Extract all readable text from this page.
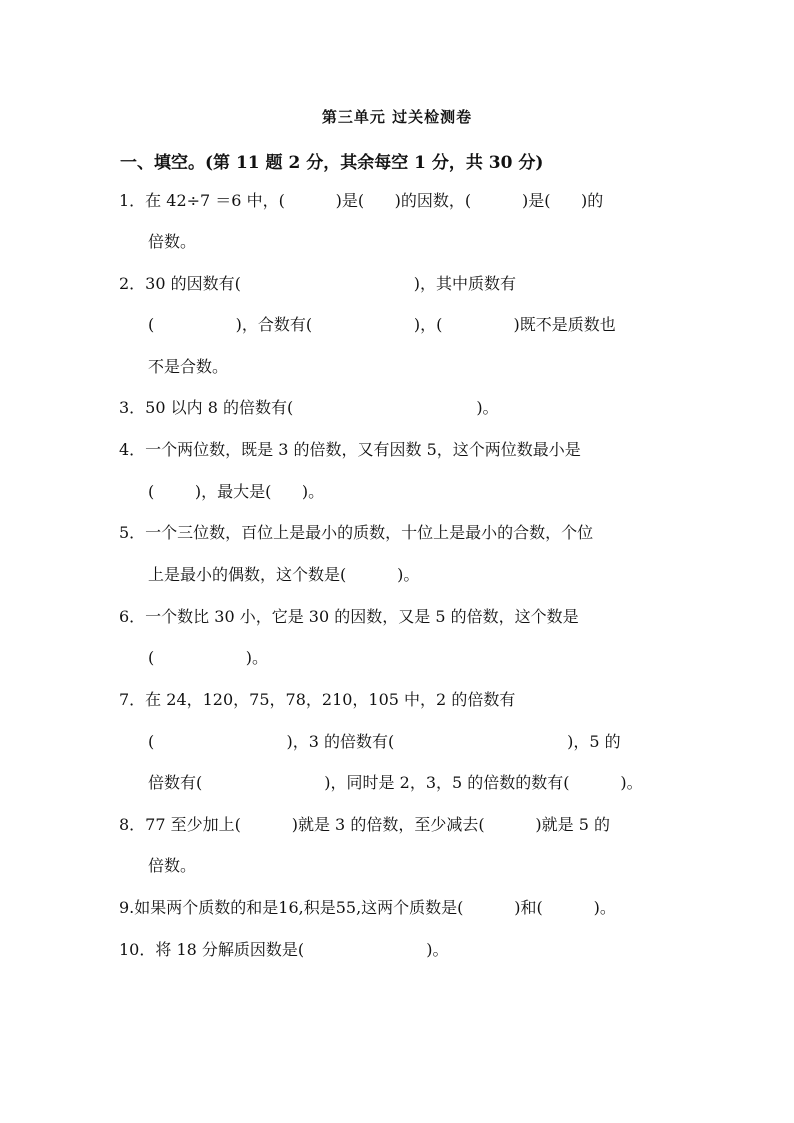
第三单元 过关检测卷
一、填空。(第 11 题 2 分，其余每空 1 分，共 30 分)
1．在 42÷7 ＝6 中，(          )是(      )的因数，(          )是(      )的
倍数。
2．30 的因数有(                                  )，其中质数有
(                )，合数有(                    )，(              )既不是质数也
不是合数。
3．50 以内 8 的倍数有(                                    )。
4．一个两位数，既是 3 的倍数，又有因数 5，这个两位数最小是
(        )，最大是(      )。
5．一个三位数，百位上是最小的质数，十位上是最小的合数，个位
上是最小的偶数，这个数是(          )。
6．一个数比 30 小，它是 30 的因数，又是 5 的倍数，这个数是
(                  )。
7．在 24，120，75，78，210，105 中，2 的倍数有
(                          )，3 的倍数有(                                  )，5 的
倍数有(                        )，同时是 2，3，5 的倍数的数有(          )。
8．77 至少加上(          )就是 3 的倍数，至少减去(          )就是 5 的
倍数。
9.如果两个质数的和是16,积是55,这两个质数是(          )和(          )。
10．将 18 分解质因数是(                        )。
